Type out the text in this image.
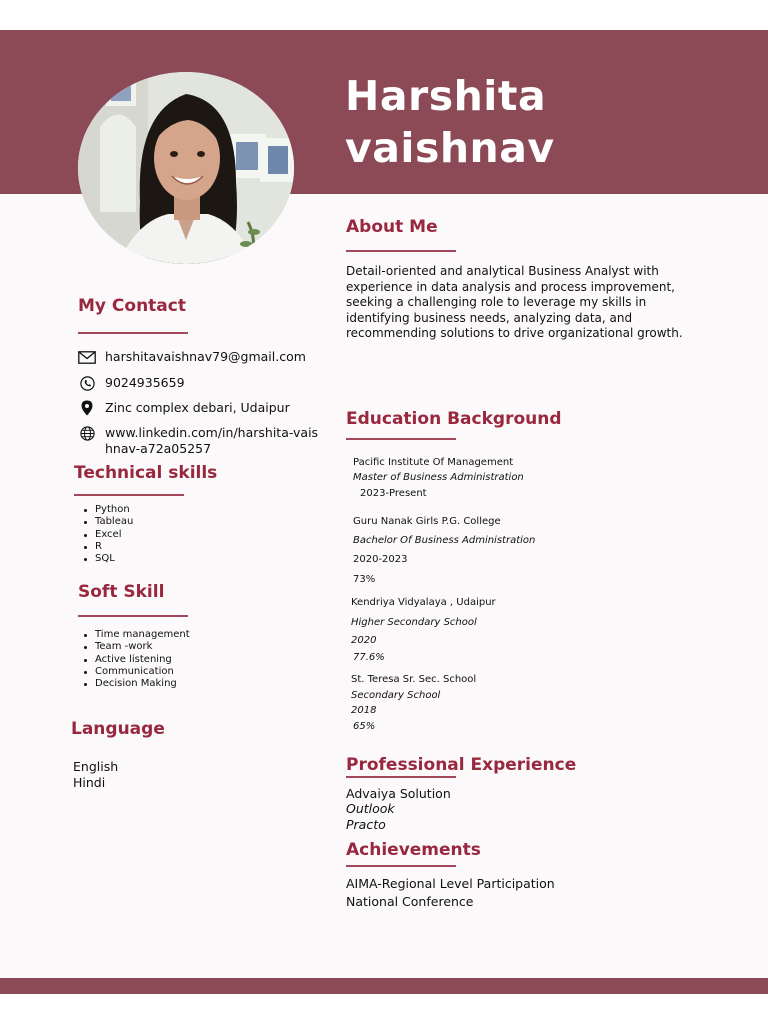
Harshita
vaishnav
About Me
Detail-oriented and analytical Business Analyst with experience in data analysis and process improvement, seeking a challenging role to leverage my skills in identifying business needs, analyzing data, and recommending solutions to drive organizational growth.
My Contact
harshitavaishnav79@gmail.com
9024935659
Zinc complex debari, Udaipur
www.linkedin.com/in/harshita-vaishnav-a72a05257
Technical skills
Python
Tableau
Excel
R
SQL
Soft Skill
Time management
Team -work
Active listening
Communication
Decision Making
Language
English
Hindi
Education Background
Pacific Institute Of Management
Master of Business Administration
2023-Present
Guru Nanak Girls P.G. College
Bachelor Of Business Administration
2020-2023
73%
Kendriya Vidyalaya , Udaipur
Higher Secondary School
2020
77.6%
St. Teresa Sr. Sec. School
Secondary School
2018
65%
Professional Experience
Advaiya Solution
Outlook
Practo
Achievements
AIMA-Regional Level Participation
National Conference
